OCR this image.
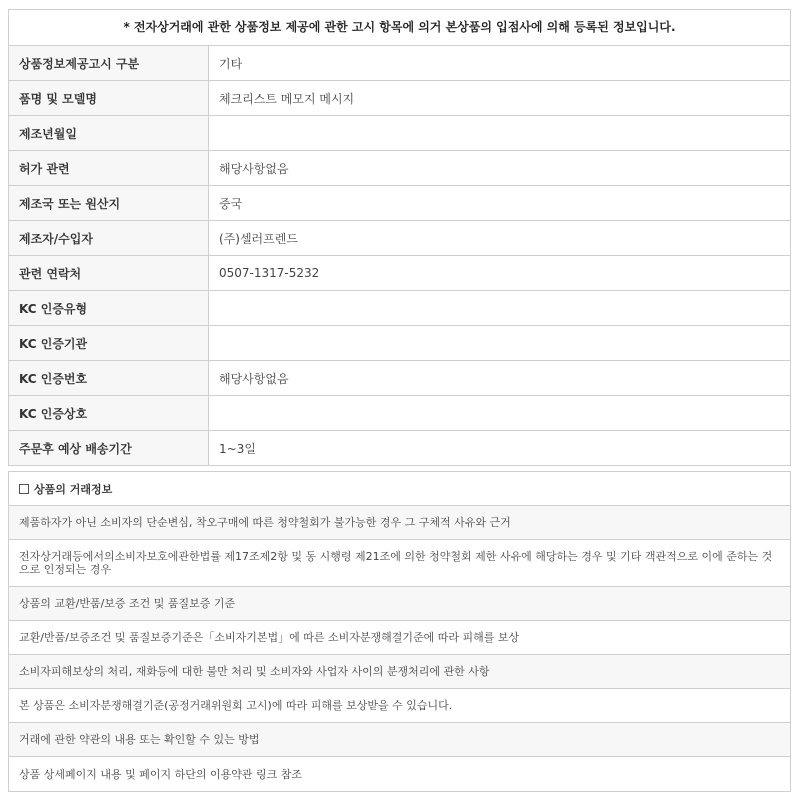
* 전자상거래에 관한 상품정보 제공에 관한 고시 항목에 의거 본상품의 입점사에 의해 등록된 정보입니다.
상품정보제공고시 구분	기타
품명 및 모델명	체크리스트 메모지 메시지
제조년월일
허가 관련	해당사항없음
제조국 또는 원산지	중국
제조자/수입자	(주)셀러프렌드
관련 연락처	0507-1317-5232
KC 인증유형
KC 인증기관
KC 인증번호	해당사항없음
KC 인증상호
주문후 예상 배송기간	1~3일
상품의 거래정보
제품하자가 아닌 소비자의 단순변심, 착오구매에 따른 청약철회가 불가능한 경우 그 구체적 사유와 근거
전자상거래등에서의소비자보호에관한법률 제17조제2항 및 동 시행령 제21조에 의한 청약철회 제한 사유에 해당하는 경우 및 기타 객관적으로 이에 준하는 것으로 인정되는 경우
상품의 교환/반품/보증 조건 및 품질보증 기준
교환/반품/보증조건 및 품질보증기준은「소비자기본법」에 따른 소비자분쟁해결기준에 따라 피해를 보상
소비자피해보상의 처리, 재화등에 대한 불만 처리 및 소비자와 사업자 사이의 분쟁처리에 관한 사항
본 상품은 소비자분쟁해결기준(공정거래위원회 고시)에 따라 피해를 보상받을 수 있습니다.
거래에 관한 약관의 내용 또는 확인할 수 있는 방법
상품 상세페이지 내용 및 페이지 하단의 이용약관 링크 참조
